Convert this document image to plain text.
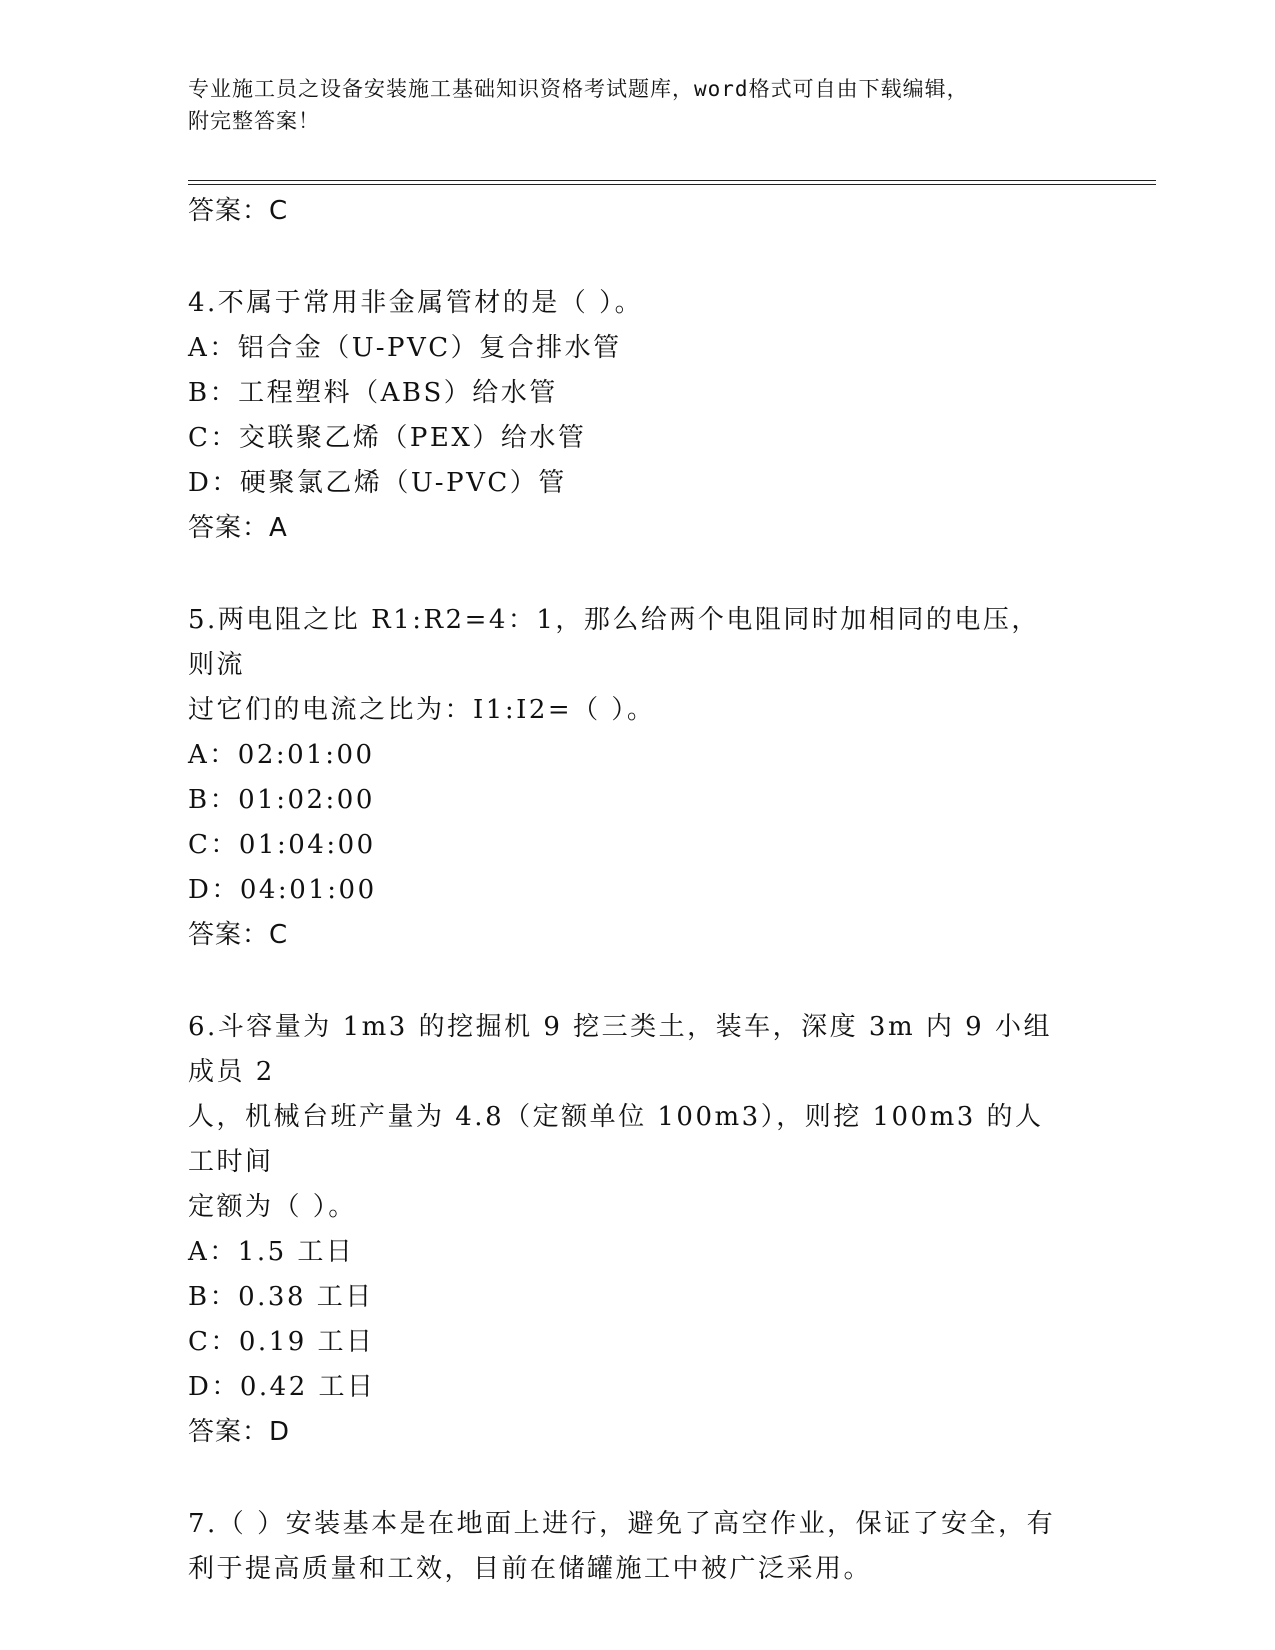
专业施工员之设备安装施工基础知识资格考试题库，word格式可自由下载编辑，
附完整答案！
答案：C
4.不属于常用非金属管材的是（ ）。
A：铝合金（U-PVC）复合排水管
B：工程塑料（ABS）给水管
C：交联聚乙烯（PEX）给水管
D：硬聚氯乙烯（U-PVC）管
答案：A
5.两电阻之比 R1:R2=4：1，那么给两个电阻同时加相同的电压，则流
过它们的电流之比为：I1:I2=（ ）。
A：02:01:00
B：01:02:00
C：01:04:00
D：04:01:00
答案：C
6.斗容量为 1m3 的挖掘机 9 挖三类土，装车，深度 3m 内 9 小组成员 2
人，机械台班产量为 4.8（定额单位 100m3），则挖 100m3 的人工时间
定额为（ ）。
A：1.5 工日
B：0.38 工日
C：0.19 工日
D：0.42 工日
答案：D
7.（ ）安装基本是在地面上进行，避免了高空作业，保证了安全，有
利于提高质量和工效，目前在储罐施工中被广泛采用。
